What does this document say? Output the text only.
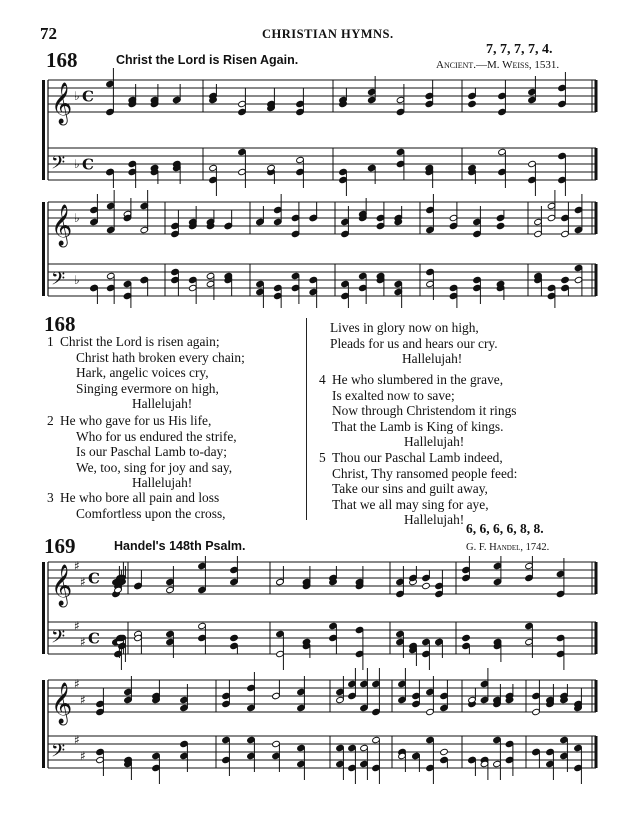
72	CHRISTIAN HYMNS.
168	Christ the Lord is Risen Again.
7, 7, 7, 7, 4.
Ancient.—M. Weiss, 1531.
𝄞 ♭ C
𝄢 ♭ C
𝄞 ♭
𝄢 ♭
168
1 Christ the Lord is risen again;
Christ hath broken every chain;
Hark, angelic voices cry,
Singing evermore on high,
Hallelujah!
2 He who gave for us His life,
Who for us endured the strife,
Is our Paschal Lamb to-day;
We, too, sing for joy and say,
Hallelujah!
3 He who bore all pain and loss
Comfortless upon the cross,
Lives in glory now on high,
Pleads for us and hears our cry.
Hallelujah!
4 He who slumbered in the grave,
Is exalted now to save;
Now through Christendom it rings
That the Lamb is King of kings.
Hallelujah!
5 Thou our Paschal Lamb indeed,
Christ, Thy ransomed people feed:
Take our sins and guilt away,
That we all may sing for aye,
Hallelujah!
6, 6, 6, 6, 8, 8.
169	Handel's 148th Psalm.	G. F. Handel, 1742.
𝄞 ♯
♯ C
𝄢
♯
♯ C
𝄞 ♯
♯
𝄢
♯
♯
